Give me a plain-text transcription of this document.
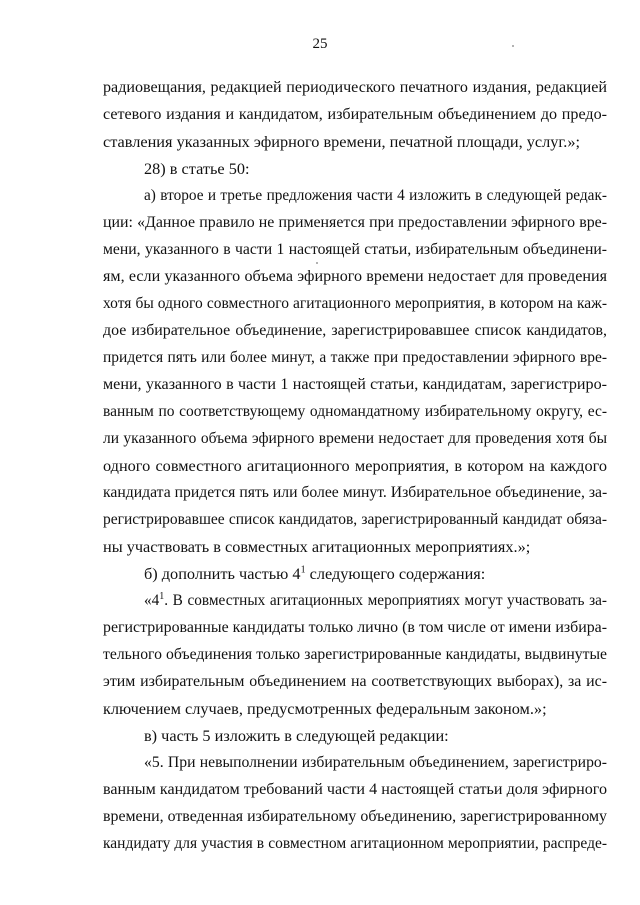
25
радиовещания, редакцией периодического печатного издания, редакцией
сетевого издания и кандидатом, избирательным объединением до предо-
ставления указанных эфирного времени, печатной площади, услуг.»;
28) в статье 50:
а) второе и третье предложения части 4 изложить в следующей редак-
ции: «Данное правило не применяется при предоставлении эфирного вре-
мени, указанного в части 1 настоящей статьи, избирательным объединени-
ям, если указанного объема эфирного времени недостает для проведения
хотя бы одного совместного агитационного мероприятия, в котором на каж-
дое избирательное объединение, зарегистрировавшее список кандидатов,
придется пять или более минут, а также при предоставлении эфирного вре-
мени, указанного в части 1 настоящей статьи, кандидатам, зарегистриро-
ванным по соответствующему одномандатному избирательному округу, ес-
ли указанного объема эфирного времени недостает для проведения хотя бы
одного совместного агитационного мероприятия, в котором на каждого
кандидата придется пять или более минут. Избирательное объединение, за-
регистрировавшее список кандидатов, зарегистрированный кандидат обяза-
ны участвовать в совместных агитационных мероприятиях.»;
б) дополнить частью $4^1$ следующего содержания:
«$4^1$. В совместных агитационных мероприятиях могут участвовать за-
регистрированные кандидаты только лично (в том числе от имени избира-
тельного объединения только зарегистрированные кандидаты, выдвинутые
этим избирательным объединением на соответствующих выборах), за ис-
ключением случаев, предусмотренных федеральным законом.»;
в) часть 5 изложить в следующей редакции:
«5. При невыполнении избирательным объединением, зарегистриро-
ванным кандидатом требований части 4 настоящей статьи доля эфирного
времени, отведенная избирательному объединению, зарегистрированному
кандидату для участия в совместном агитационном мероприятии, распреде-
